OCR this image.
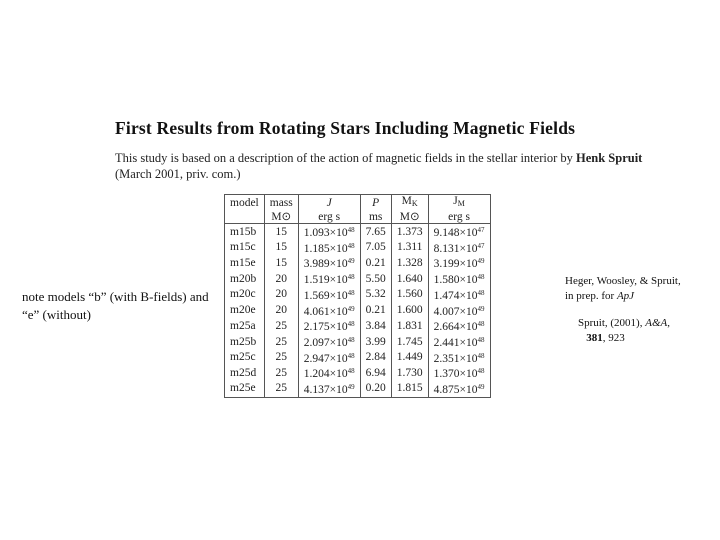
First Results from Rotating Stars Including Magnetic Fields
This study is based on a description of the action of magnetic fields in the stellar interior by Henk Spruit (March 2001, priv. com.)
model	mass	J	P	$M_K$	$J_M$
	M⊙	erg s	ms	M⊙	erg s
m15b	15	$1.093\times 10^{48}$	7.65	1.373	$9.148\times 10^{47}$
m15c	15	$1.185\times 10^{48}$	7.05	1.311	$8.131\times 10^{47}$
m15e	15	$3.989\times 10^{49}$	0.21	1.328	$3.199\times 10^{49}$
m20b	20	$1.519\times 10^{48}$	5.50	1.640	$1.580\times 10^{48}$
m20c	20	$1.569\times 10^{48}$	5.32	1.560	$1.474\times 10^{48}$
m20e	20	$4.061\times 10^{49}$	0.21	1.600	$4.007\times 10^{49}$
m25a	25	$2.175\times 10^{48}$	3.84	1.831	$2.664\times 10^{48}$
m25b	25	$2.097\times 10^{48}$	3.99	1.745	$2.441\times 10^{48}$
m25c	25	$2.947\times 10^{48}$	2.84	1.449	$2.351\times 10^{48}$
m25d	25	$1.204\times 10^{48}$	6.94	1.730	$1.370\times 10^{48}$
m25e	25	$4.137\times 10^{49}$	0.20	1.815	$4.875\times 10^{49}$
note models “b” (with B-fields) and “e” (without)
Heger, Woosley, & Spruit,
in prep. for ApJ
Spruit, (2001), A&A,
381, 923
